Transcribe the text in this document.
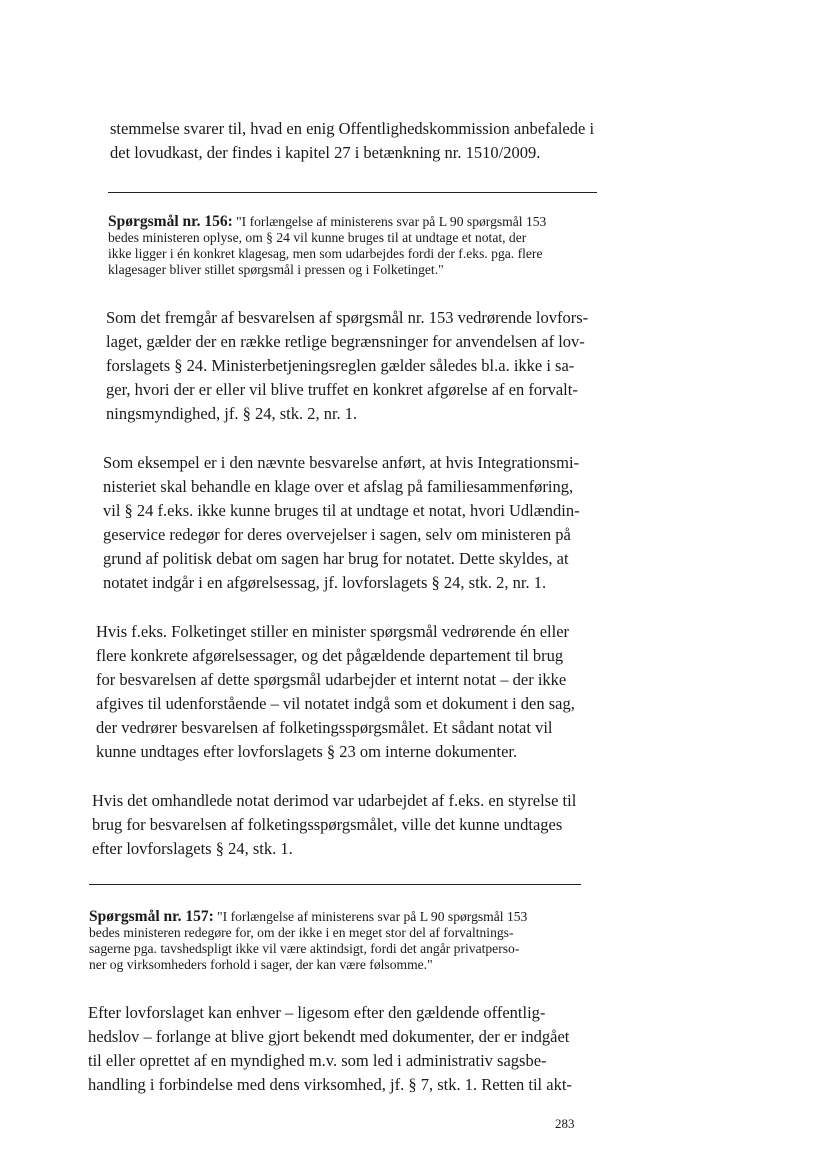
stemmelse svarer til, hvad en enig Offentlighedskommission anbefalede i
det lovudkast, der findes i kapitel 27 i betænkning nr. 1510/2009.
Spørgsmål nr. 156: "I forlængelse af ministerens svar på L 90 spørgsmål 153
bedes ministeren oplyse, om § 24 vil kunne bruges til at undtage et notat, der
ikke ligger i én konkret klagesag, men som udarbejdes fordi der f.eks. pga. flere
klagesager bliver stillet spørgsmål i pressen og i Folketinget."
Som det fremgår af besvarelsen af spørgsmål nr. 153 vedrørende lovfors-
laget, gælder der en række retlige begrænsninger for anvendelsen af lov-
forslagets § 24. Ministerbetjeningsreglen gælder således bl.a. ikke i sa-
ger, hvori der er eller vil blive truffet en konkret afgørelse af en forvalt-
ningsmyndighed, jf. § 24, stk. 2, nr. 1.
Som eksempel er i den nævnte besvarelse anført, at hvis Integrationsmi-
nisteriet skal behandle en klage over et afslag på familiesammenføring,
vil § 24 f.eks. ikke kunne bruges til at undtage et notat, hvori Udlændin-
geservice redegør for deres overvejelser i sagen, selv om ministeren på
grund af politisk debat om sagen har brug for notatet. Dette skyldes, at
notatet indgår i en afgørelsessag, jf. lovforslagets § 24, stk. 2, nr. 1.
Hvis f.eks. Folketinget stiller en minister spørgsmål vedrørende én eller
flere konkrete afgørelsessager, og det pågældende departement til brug
for besvarelsen af dette spørgsmål udarbejder et internt notat – der ikke
afgives til udenforstående – vil notatet indgå som et dokument i den sag,
der vedrører besvarelsen af folketingsspørgsmålet. Et sådant notat vil
kunne undtages efter lovforslagets § 23 om interne dokumenter.
Hvis det omhandlede notat derimod var udarbejdet af f.eks. en styrelse til
brug for besvarelsen af folketingsspørgsmålet, ville det kunne undtages
efter lovforslagets § 24, stk. 1.
Spørgsmål nr. 157: "I forlængelse af ministerens svar på L 90 spørgsmål 153
bedes ministeren redegøre for, om der ikke i en meget stor del af forvaltnings-
sagerne pga. tavshedspligt ikke vil være aktindsigt, fordi det angår privatperso-
ner og virksomheders forhold i sager, der kan være følsomme."
Efter lovforslaget kan enhver – ligesom efter den gældende offentlig-
hedslov – forlange at blive gjort bekendt med dokumenter, der er indgået
til eller oprettet af en myndighed m.v. som led i administrativ sagsbe-
handling i forbindelse med dens virksomhed, jf. § 7, stk. 1. Retten til akt-
283
